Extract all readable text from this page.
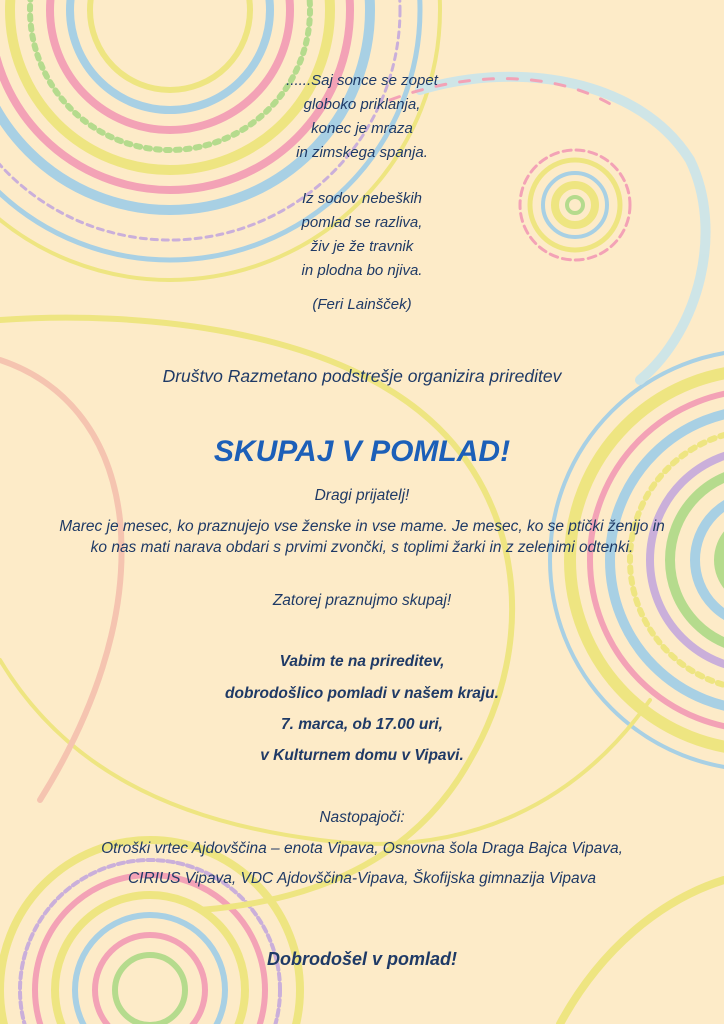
......Saj sonce se zopet
globoko priklanja,
konec je mraza
in zimskega spanja.
Iz sodov nebeških
pomlad se razliva,
živ je že travnik
in plodna bo njiva.
(Feri Lainšček)
Društvo Razmetano podstrešje organizira prireditev
SKUPAJ V POMLAD!
Dragi prijatelj!
Marec je mesec, ko praznujejo vse ženske in vse mame. Je mesec, ko se ptički ženijo in ko nas mati narava obdari s prvimi zvončki, s toplimi žarki in z zelenimi odtenki.
Zatorej praznujmo skupaj!
Vabim te na prireditev,
dobrodošlico pomladi v našem kraju.
7. marca, ob 17.00 uri,
v Kulturnem domu v Vipavi.
Nastopajoči:
Otroški vrtec Ajdovščina – enota Vipava, Osnovna šola Draga Bajca Vipava,
CIRIUS Vipava, VDC Ajdovščina-Vipava, Škofijska gimnazija Vipava
Dobrodošel v pomlad!
